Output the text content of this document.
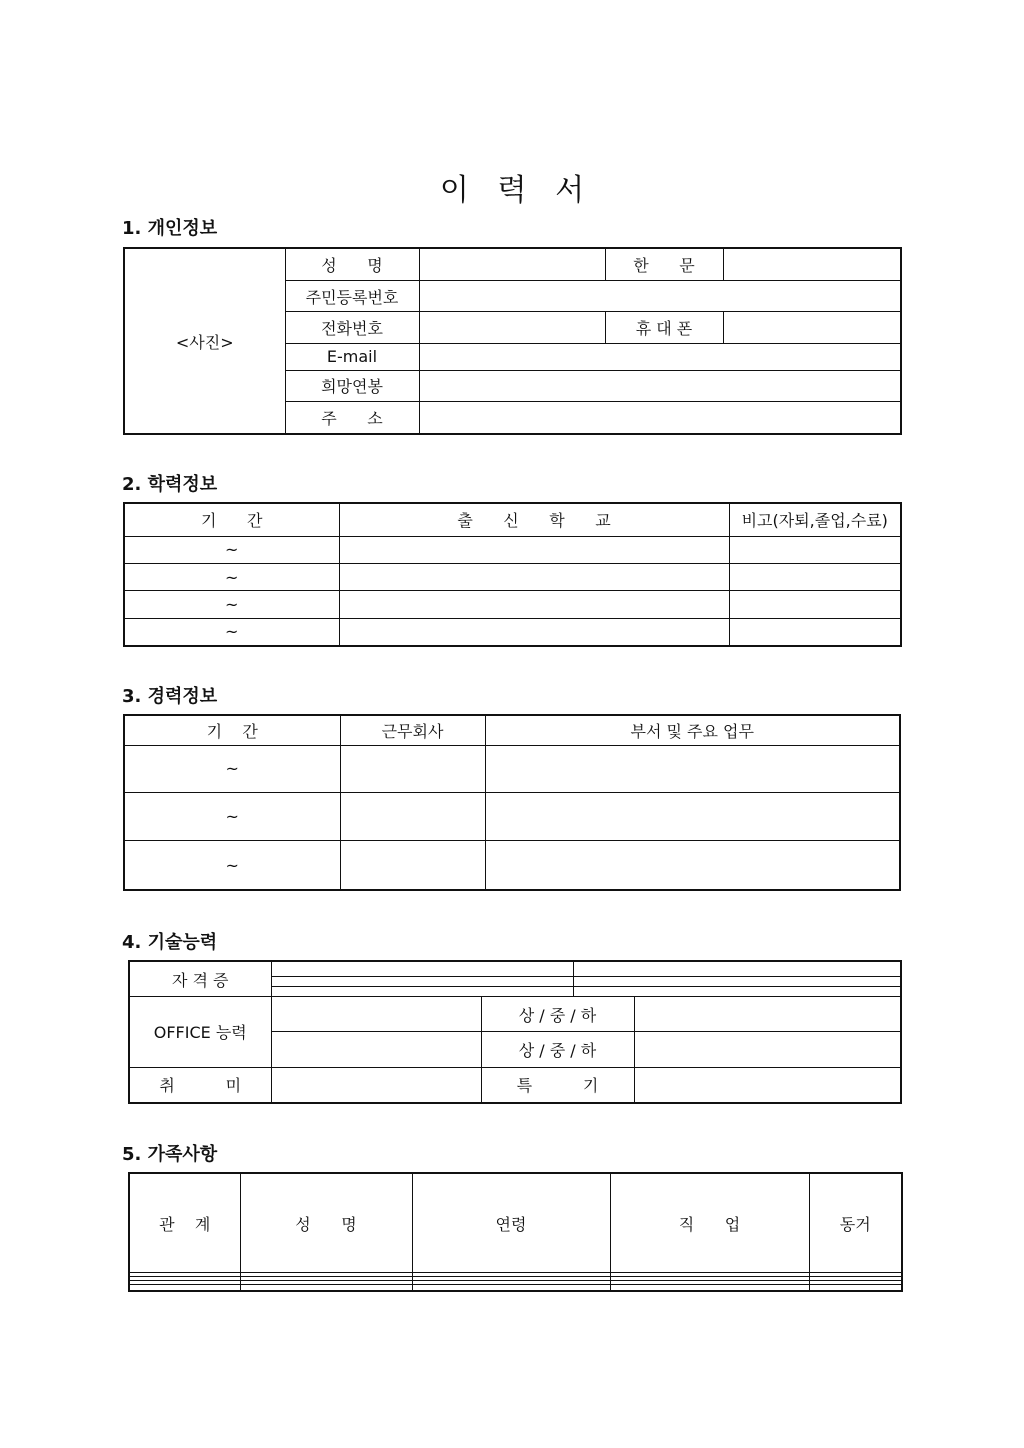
이   력   서
1. 개인정보
<사진>	성      명		한      문	
	주민등록번호			
	전화번호		휴 대 폰	
	E-mail			
	희망연봉			
	주      소			
2. 학력정보
기      간	출      신      학      교	비고(자퇴,졸업,수료)
~		
~		
~		
~		
3. 경력정보
기    간	근무회사	부서 및 주요 업무
~		
~		
~		
4. 기술능력
자 격 증				

OFFICE 능력		상 / 중 / 하		
		상 / 중 / 하		
취          미		특          기		
5. 가족사항
관    계	성      명	연령	직      업	동거
